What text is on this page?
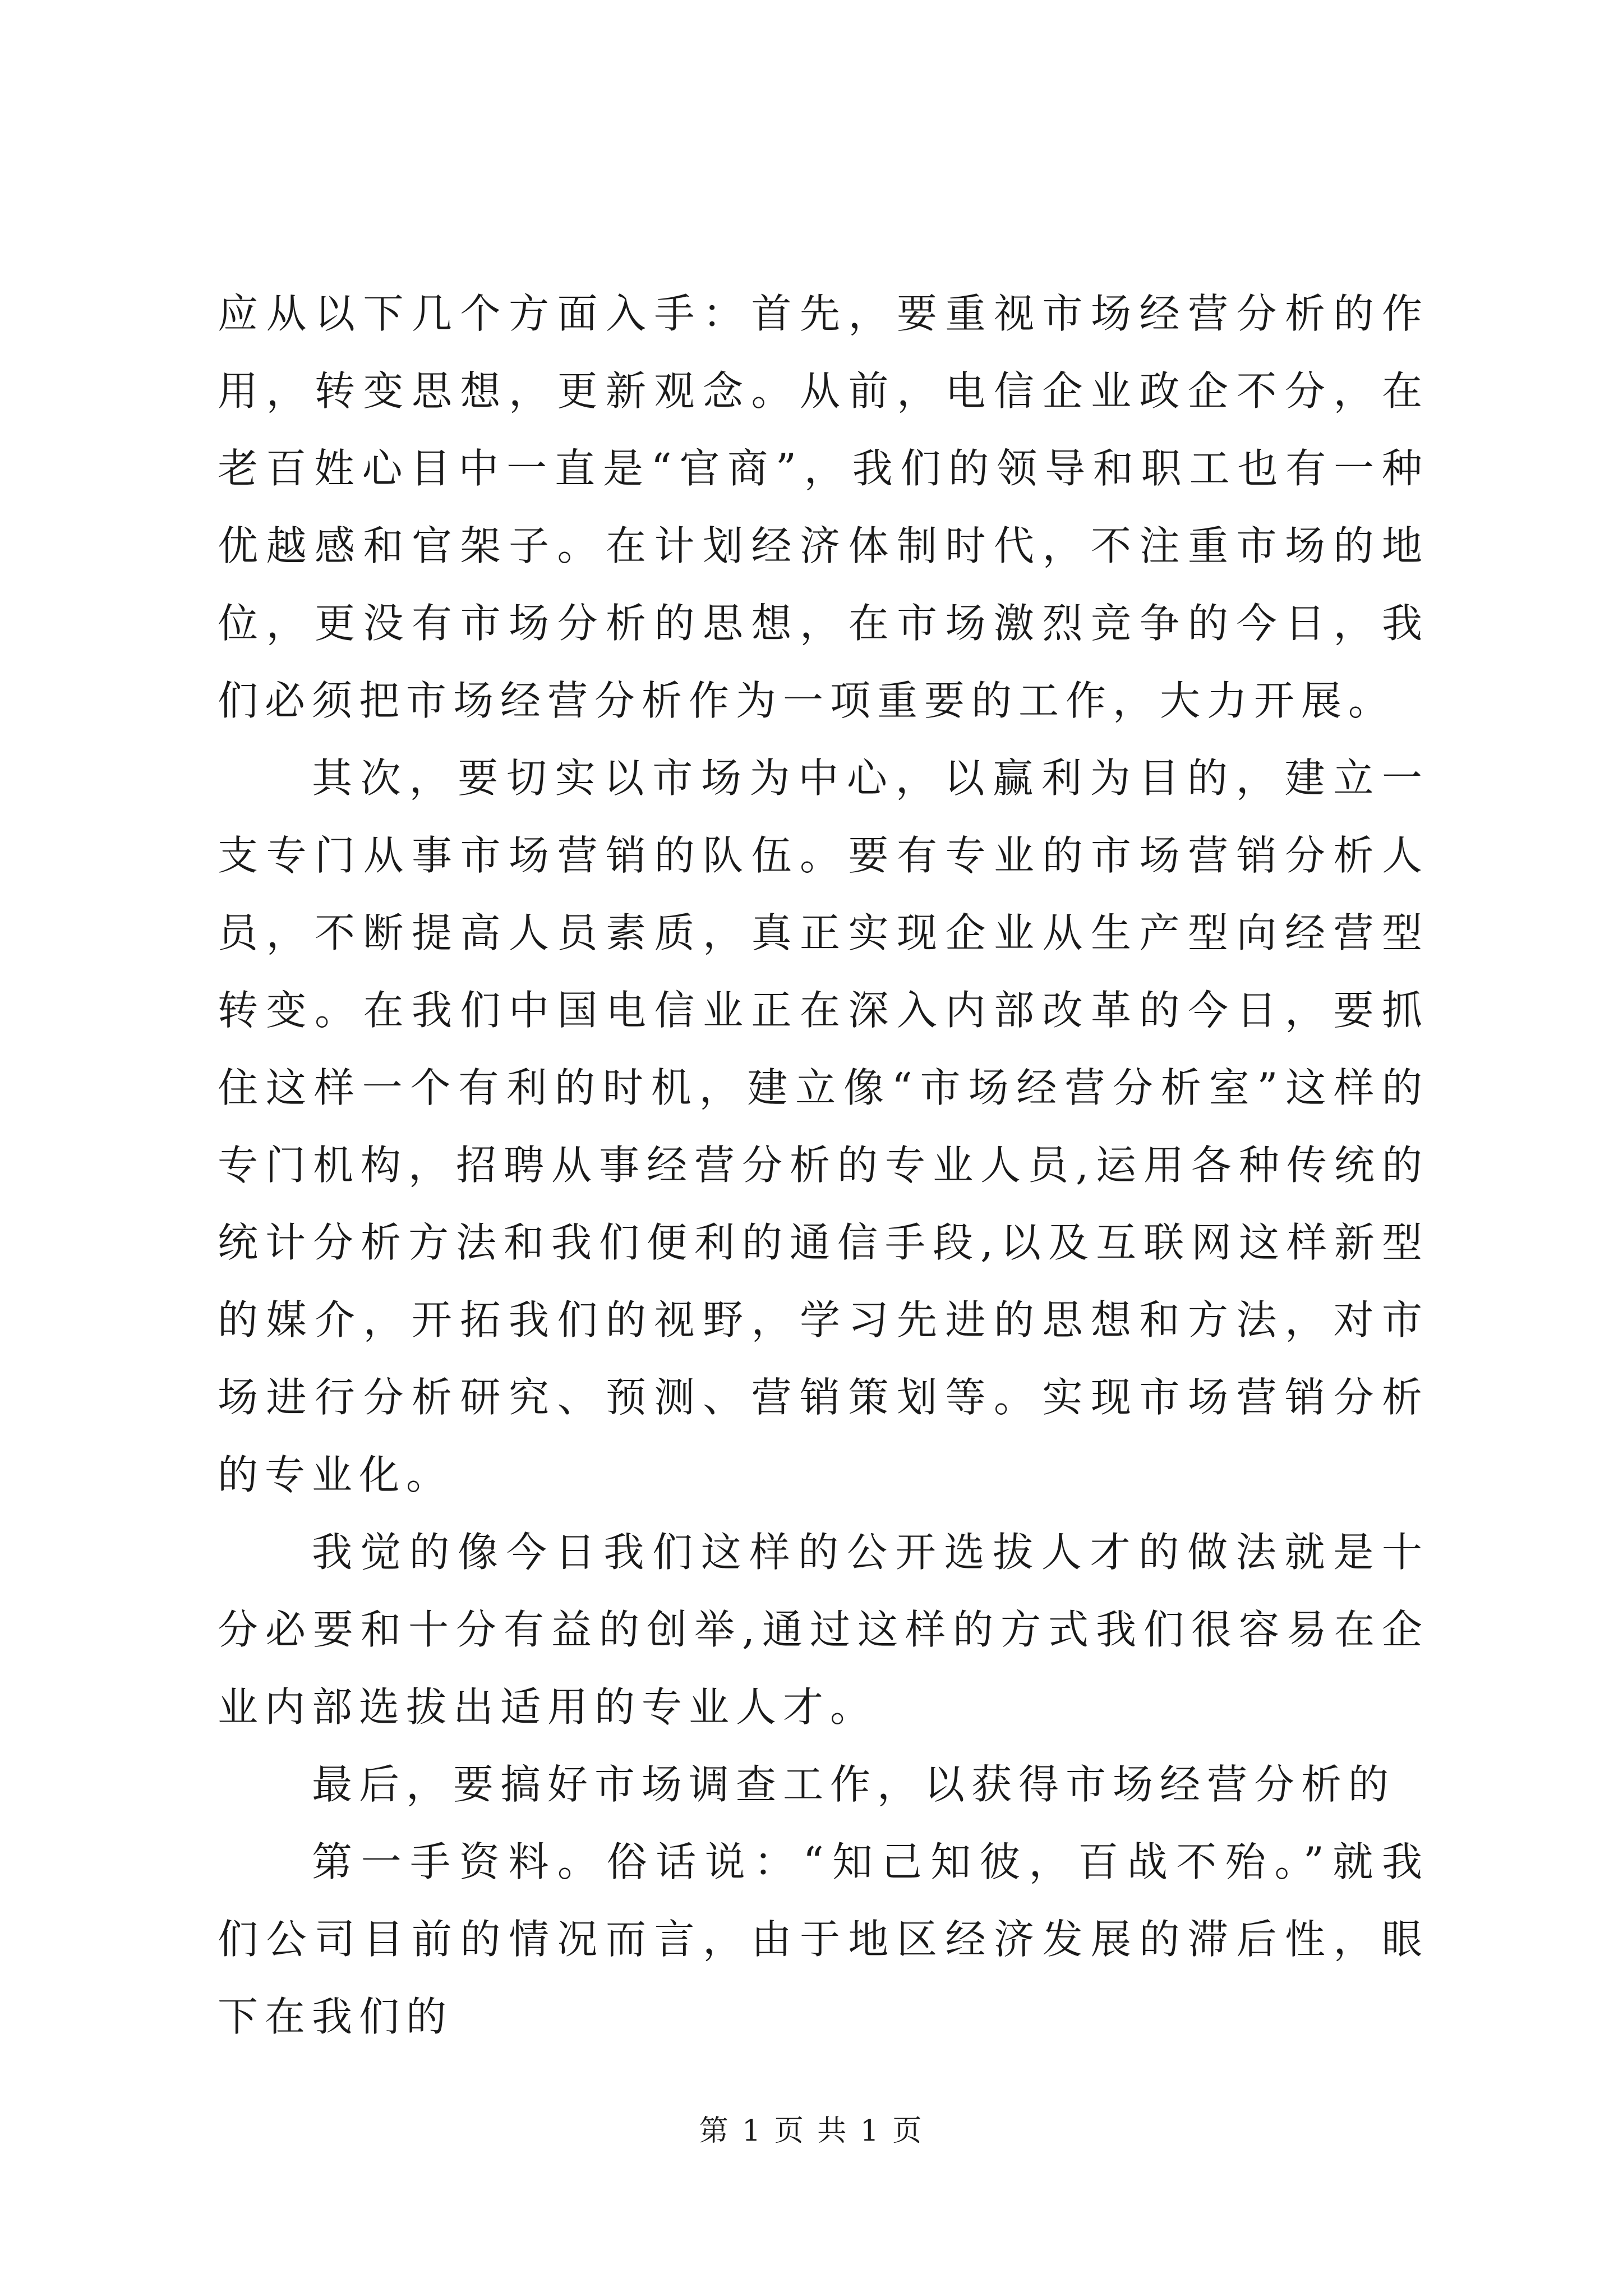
应从以下几个方面入手：首先，要重视市场经营分析的作用，转变思想，更新观念。从前，电信企业政企不分，在老百姓心目中一直是“官商”，我们的领导和职工也有一种优越感和官架子。在计划经济体制时代，不注重市场的地位，更没有市场分析的思想，在市场激烈竞争的今日，我们必须把市场经营分析作为一项重要的工作，大力开展。

其次，要切实以市场为中心，以赢利为目的，建立一支专门从事市场营销的队伍。要有专业的市场营销分析人员，不断提高人员素质，真正实现企业从生产型向经营型转变。在我们中国电信业正在深入内部改革的今日，要抓住这样一个有利的时机，建立像“市场经营分析室”这样的专门机构，招聘从事经营分析的专业人员,运用各种传统的统计分析方法和我们便利的通信手段,以及互联网这样新型的媒介，开拓我们的视野，学习先进的思想和方法，对市场进行分析研究、预测、营销策划等。实现市场营销分析的专业化。

我觉的像今日我们这样的公开选拔人才的做法就是十分必要和十分有益的创举,通过这样的方式我们很容易在企业内部选拔出适用的专业人才。

最后，要搞好市场调查工作，以获得市场经营分析的

第一手资料。俗话说：“知己知彼，百战不殆。”就我们公司目前的情况而言，由于地区经济发展的滞后性，眼下在我们的

第 1 页 共 1 页
